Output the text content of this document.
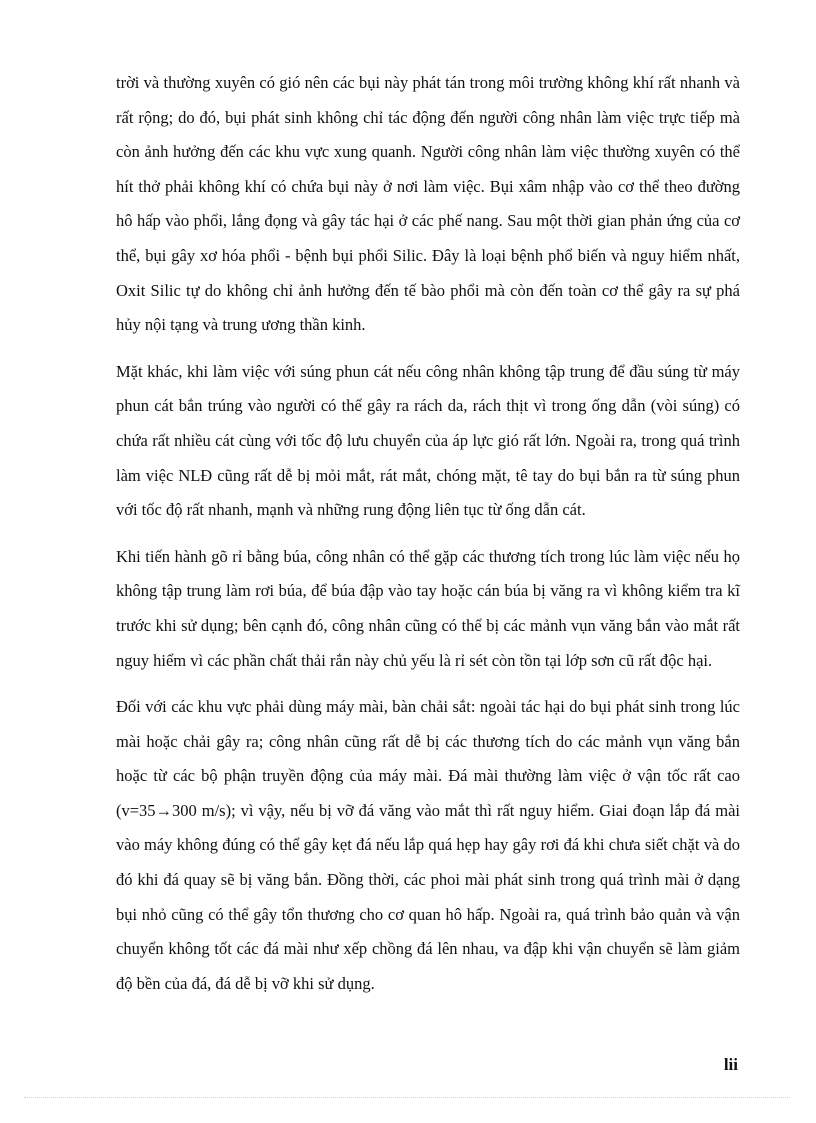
trời và thường xuyên có gió nên các bụi này phát tán trong môi trường không khí rất nhanh và rất rộng; do đó, bụi phát sinh không chỉ tác động đến người công nhân làm việc trực tiếp mà còn ảnh hưởng đến các khu vực xung quanh. Người công nhân làm việc thường xuyên có thể hít thở phải không khí có chứa bụi này ở nơi làm việc. Bụi xâm nhập vào cơ thể theo đường hô hấp vào phổi, lắng đọng và gây tác hại ở các phế nang. Sau một thời gian phản ứng của cơ thể, bụi gây xơ hóa phổi - bệnh bụi phổi Silic. Đây là loại bệnh phổ biến và nguy hiểm nhất, Oxit Silic tự do không chỉ ảnh hưởng đến tế bào phổi mà còn đến toàn cơ thể gây ra sự phá hủy nội tạng và trung ương thần kinh.

Mặt khác, khi làm việc với súng phun cát nếu công nhân không tập trung để đầu súng từ máy phun cát bắn trúng vào người có thể gây ra rách da, rách thịt vì trong ống dẫn (vòi súng) có chứa rất nhiều cát cùng với tốc độ lưu chuyển của áp lực gió rất lớn. Ngoài ra, trong quá trình làm việc NLĐ cũng rất dễ bị mỏi mắt, rát mắt, chóng mặt, tê tay do bụi bắn ra từ súng phun với tốc độ rất nhanh, mạnh và những rung động liên tục từ ống dẫn cát.

Khi tiến hành gõ rỉ bằng búa, công nhân có thể gặp các thương tích trong lúc làm việc nếu họ không tập trung làm rơi búa, để búa đập vào tay hoặc cán búa bị văng ra vì không kiểm tra kĩ trước khi sử dụng; bên cạnh đó, công nhân cũng có thể bị các mảnh vụn văng bắn vào mắt rất nguy hiểm vì các phần chất thải rắn này chủ yếu là rỉ sét còn tồn tại lớp sơn cũ rất độc hại.

Đối với các khu vực phải dùng máy mài, bàn chải sắt: ngoài tác hại do bụi phát sinh trong lúc mài hoặc chải gây ra; công nhân cũng rất dễ bị các thương tích do các mảnh vụn văng bắn hoặc từ các bộ phận truyền động của máy mài. Đá mài thường làm việc ở vận tốc rất cao (v=35→300 m/s); vì vậy, nếu bị vỡ đá văng vào mắt thì rất nguy hiểm. Giai đoạn lắp đá mài vào máy không đúng có thể gây kẹt đá nếu lắp quá hẹp hay gây rơi đá khi chưa siết chặt và do đó khi đá quay sẽ bị văng bắn. Đồng thời, các phoi mài phát sinh trong quá trình mài ở dạng bụi nhỏ cũng có thể gây tổn thương cho cơ quan hô hấp. Ngoài ra, quá trình bảo quản và vận chuyển không tốt các đá mài như xếp chồng đá lên nhau, va đập khi vận chuyển sẽ làm giảm độ bền của đá, đá dễ bị vỡ khi sử dụng.

lii
